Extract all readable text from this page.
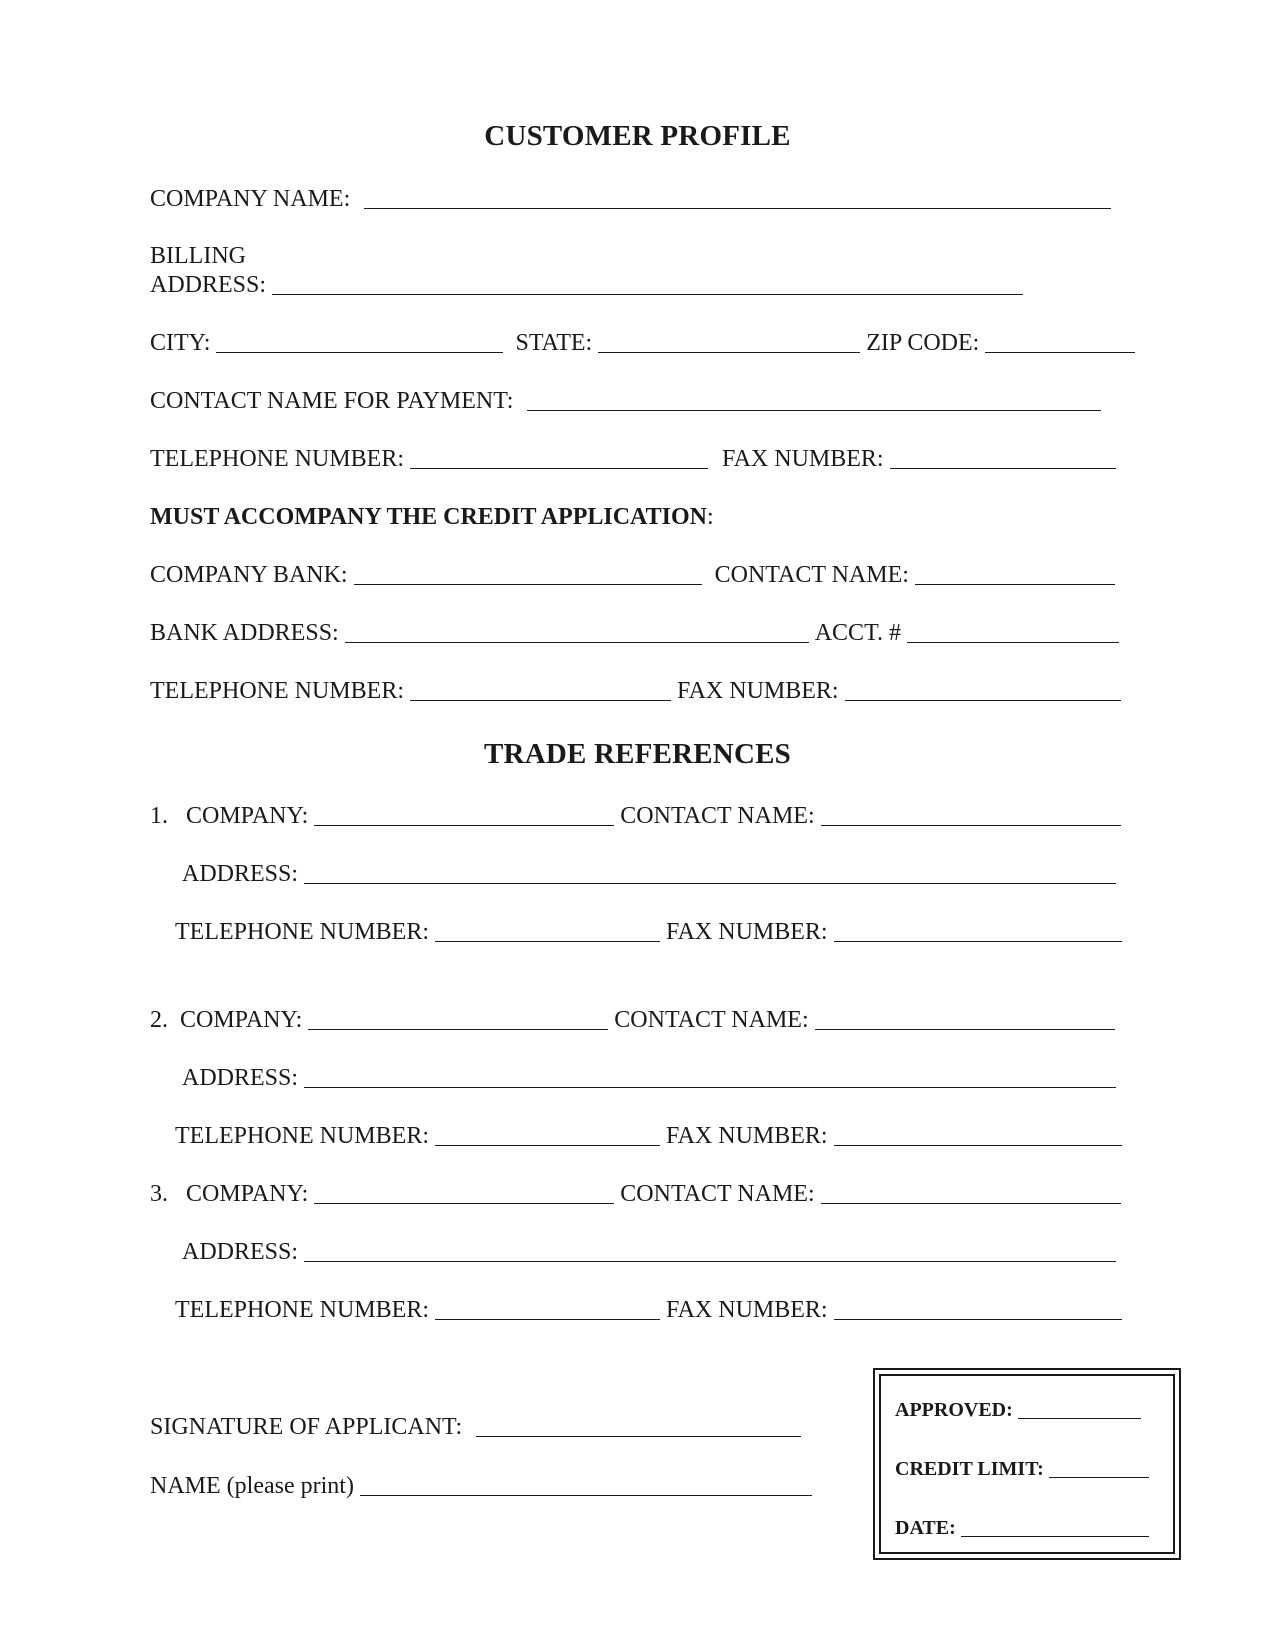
CUSTOMER PROFILE
COMPANY NAME:
BILLING
ADDRESS:
CITY:	STATE:	ZIP CODE:
CONTACT NAME FOR PAYMENT:
TELEPHONE NUMBER:	FAX NUMBER:
MUST ACCOMPANY THE CREDIT APPLICATION:
COMPANY BANK:	CONTACT NAME:
BANK ADDRESS:	ACCT. #
TELEPHONE NUMBER:	FAX NUMBER:
TRADE REFERENCES
1. COMPANY:	CONTACT NAME:
ADDRESS:
TELEPHONE NUMBER:	FAX NUMBER:
2. COMPANY:	CONTACT NAME:
ADDRESS:
TELEPHONE NUMBER:	FAX NUMBER:
3. COMPANY:	CONTACT NAME:
ADDRESS:
TELEPHONE NUMBER:	FAX NUMBER:
SIGNATURE OF APPLICANT:
NAME (please print)
APPROVED:
CREDIT LIMIT:
DATE:
